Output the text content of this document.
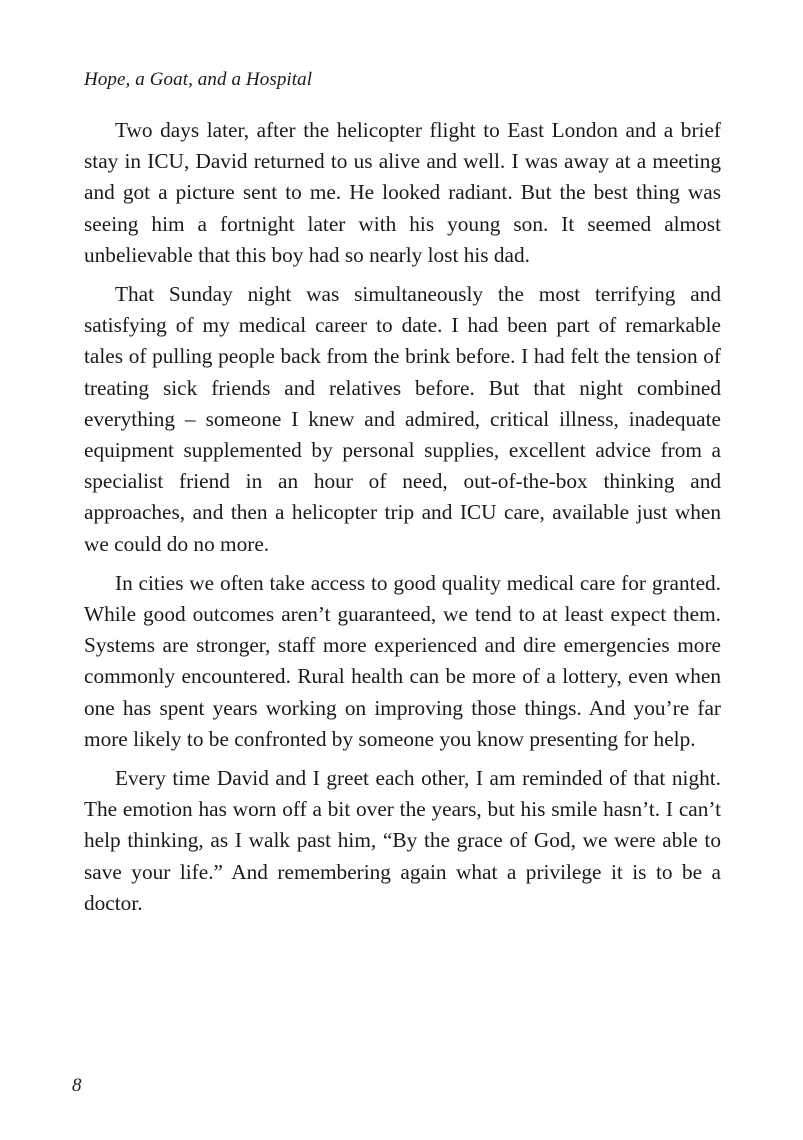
Hope, a Goat, and a Hospital

Two days later, after the helicopter flight to East London and a brief stay in ICU, David returned to us alive and well. I was away at a meeting and got a picture sent to me. He looked radiant. But the best thing was seeing him a fortnight later with his young son. It seemed almost unbelievable that this boy had so nearly lost his dad.

That Sunday night was simultaneously the most terrifying and satisfying of my medical career to date. I had been part of remarkable tales of pulling people back from the brink before. I had felt the tension of treating sick friends and relatives before. But that night combined everything – someone I knew and admired, critical illness, inadequate equipment supplemented by personal supplies, excellent advice from a specialist friend in an hour of need, out-of-the-box thinking and approaches, and then a helicopter trip and ICU care, available just when we could do no more.

In cities we often take access to good quality medical care for granted. While good outcomes aren’t guaranteed, we tend to at least expect them. Systems are stronger, staff more experienced and dire emergencies more commonly encountered. Rural health can be more of a lottery, even when one has spent years working on improving those things. And you’re far more likely to be confronted by someone you know presenting for help.

Every time David and I greet each other, I am reminded of that night. The emotion has worn off a bit over the years, but his smile hasn’t. I can’t help thinking, as I walk past him, “By the grace of God, we were able to save your life.” And remembering again what a privilege it is to be a doctor.

8
